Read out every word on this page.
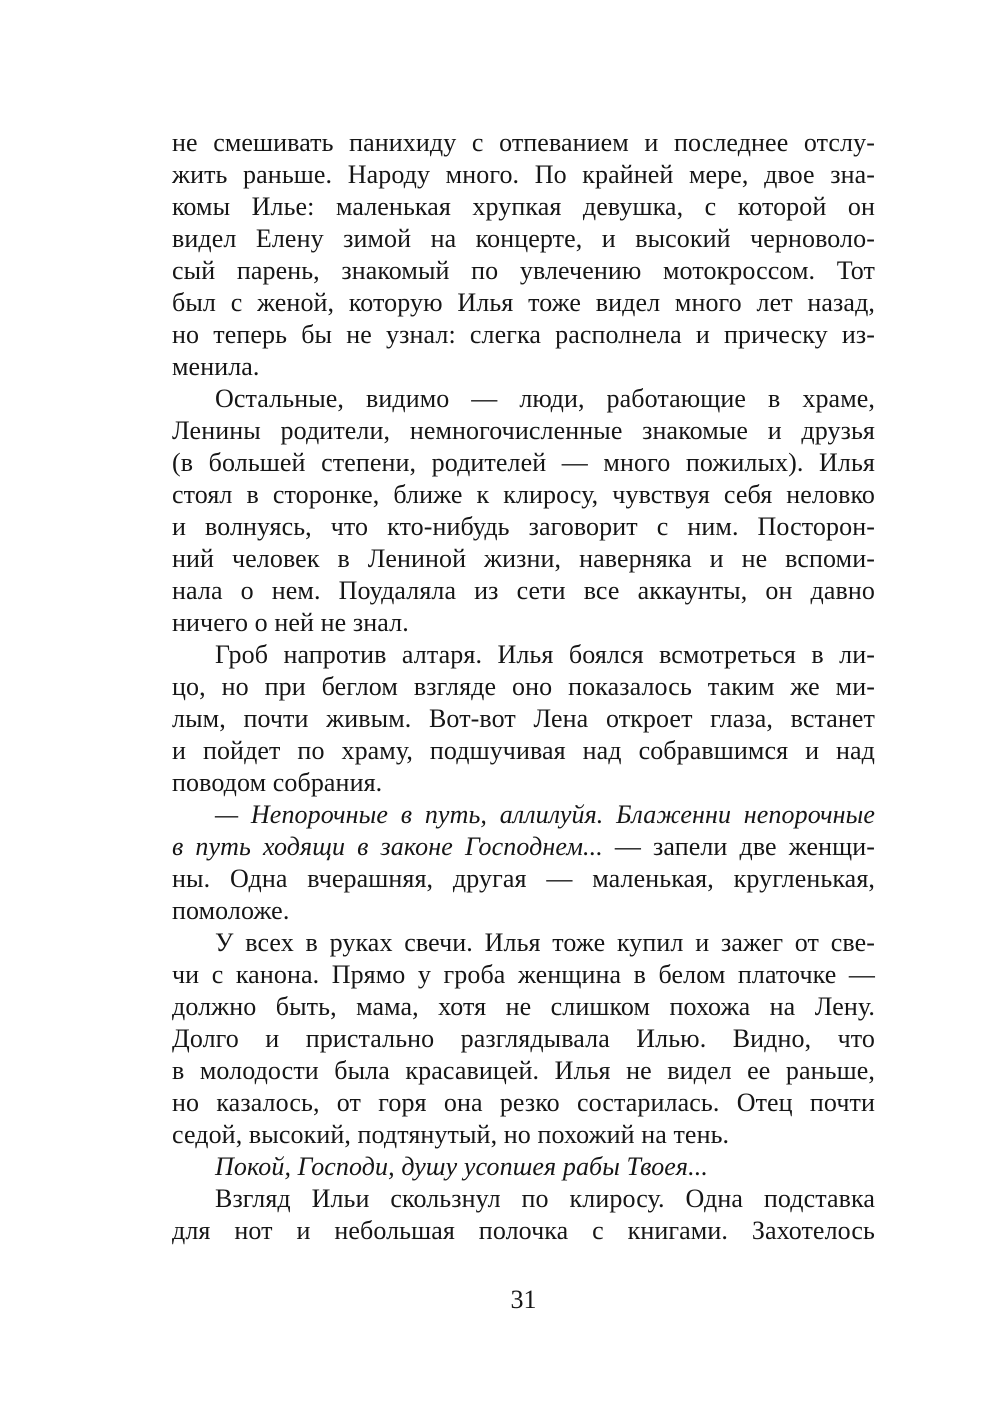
не смешивать панихиду с отпеванием и последнее отслу-
жить раньше. Народу много. По крайней мере, двое зна-
комы Илье: маленькая хрупкая девушка, с которой он
видел Елену зимой на концерте, и высокий черноволо-
сый парень, знакомый по увлечению мотокроссом. Тот
был с женой, которую Илья тоже видел много лет назад,
но теперь бы не узнал: слегка располнела и прическу из-
менила.
Остальные, видимо — люди, работающие в храме,
Ленины родители, немногочисленные знакомые и друзья
(в большей степени, родителей — много пожилых). Илья
стоял в сторонке, ближе к клиросу, чувствуя себя неловко
и волнуясь, что кто-нибудь заговорит с ним. Посторон-
ний человек в Лениной жизни, наверняка и не вспоми-
нала о нем. Поудаляла из сети все аккаунты, он давно
ничего о ней не знал.
Гроб напротив алтаря. Илья боялся всмотреться в ли-
цо, но при беглом взгляде оно показалось таким же ми-
лым, почти живым. Вот-вот Лена откроет глаза, встанет
и пойдет по храму, подшучивая над собравшимся и над
поводом собрания.
— Непорочные в путь, аллилуйя. Блаженни непорочные
в путь ходящи в законе Господнем... — запели две женщи-
ны. Одна вчерашняя, другая — маленькая, кругленькая,
помоложе.
У всех в руках свечи. Илья тоже купил и зажег от све-
чи с канона. Прямо у гроба женщина в белом платочке —
должно быть, мама, хотя не слишком похожа на Лену.
Долго и пристально разглядывала Илью. Видно, что
в молодости была красавицей. Илья не видел ее раньше,
но казалось, от горя она резко состарилась. Отец почти
седой, высокий, подтянутый, но похожий на тень.
Покой, Господи, душу усопшея рабы Твоея...
Взгляд Ильи скользнул по клиросу. Одна подставка
для нот и небольшая полочка с книгами. Захотелось
31
